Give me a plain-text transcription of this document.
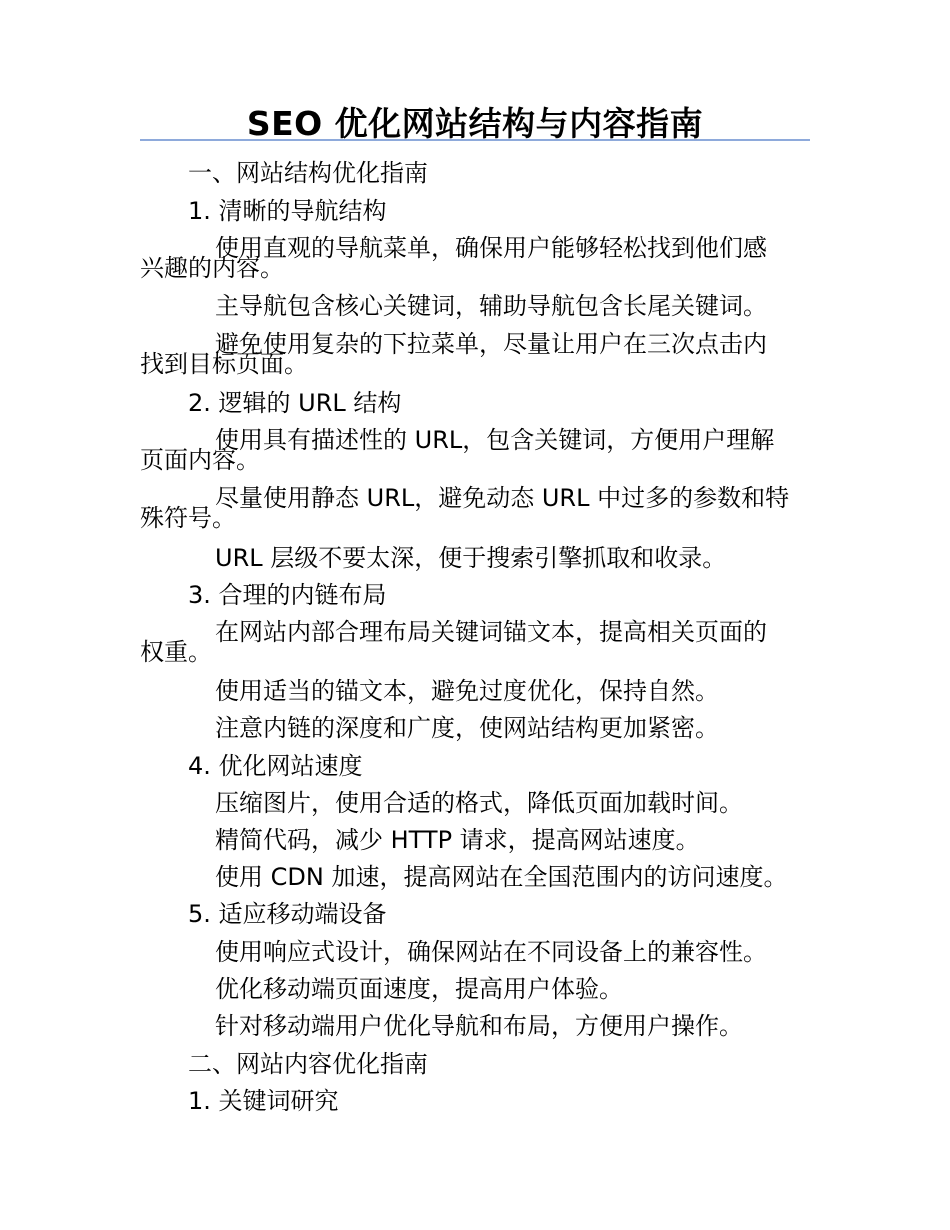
SEO 优化网站结构与内容指南

一、网站结构优化指南

1. 清晰的导航结构

使用直观的导航菜单，确保用户能够轻松找到他们感
兴趣的内容。

主导航包含核心关键词，辅助导航包含长尾关键词。

避免使用复杂的下拉菜单，尽量让用户在三次点击内
找到目标页面。

2. 逻辑的 URL 结构

使用具有描述性的 URL，包含关键词，方便用户理解
页面内容。
尽量使用静态 URL，避免动态 URL 中过多的参数和特
殊符号。

URL 层级不要太深，便于搜索引擎抓取和收录。

3. 合理的内链布局

在网站内部合理布局关键词锚文本，提高相关页面的
权重。

使用适当的锚文本，避免过度优化，保持自然。

注意内链的深度和广度，使网站结构更加紧密。

4. 优化网站速度

压缩图片，使用合适的格式，降低页面加载时间。

精简代码，减少 HTTP 请求，提高网站速度。

使用 CDN 加速，提高网站在全国范围内的访问速度。

5. 适应移动端设备

使用响应式设计，确保网站在不同设备上的兼容性。

优化移动端页面速度，提高用户体验。

针对移动端用户优化导航和布局，方便用户操作。

二、网站内容优化指南

1. 关键词研究
